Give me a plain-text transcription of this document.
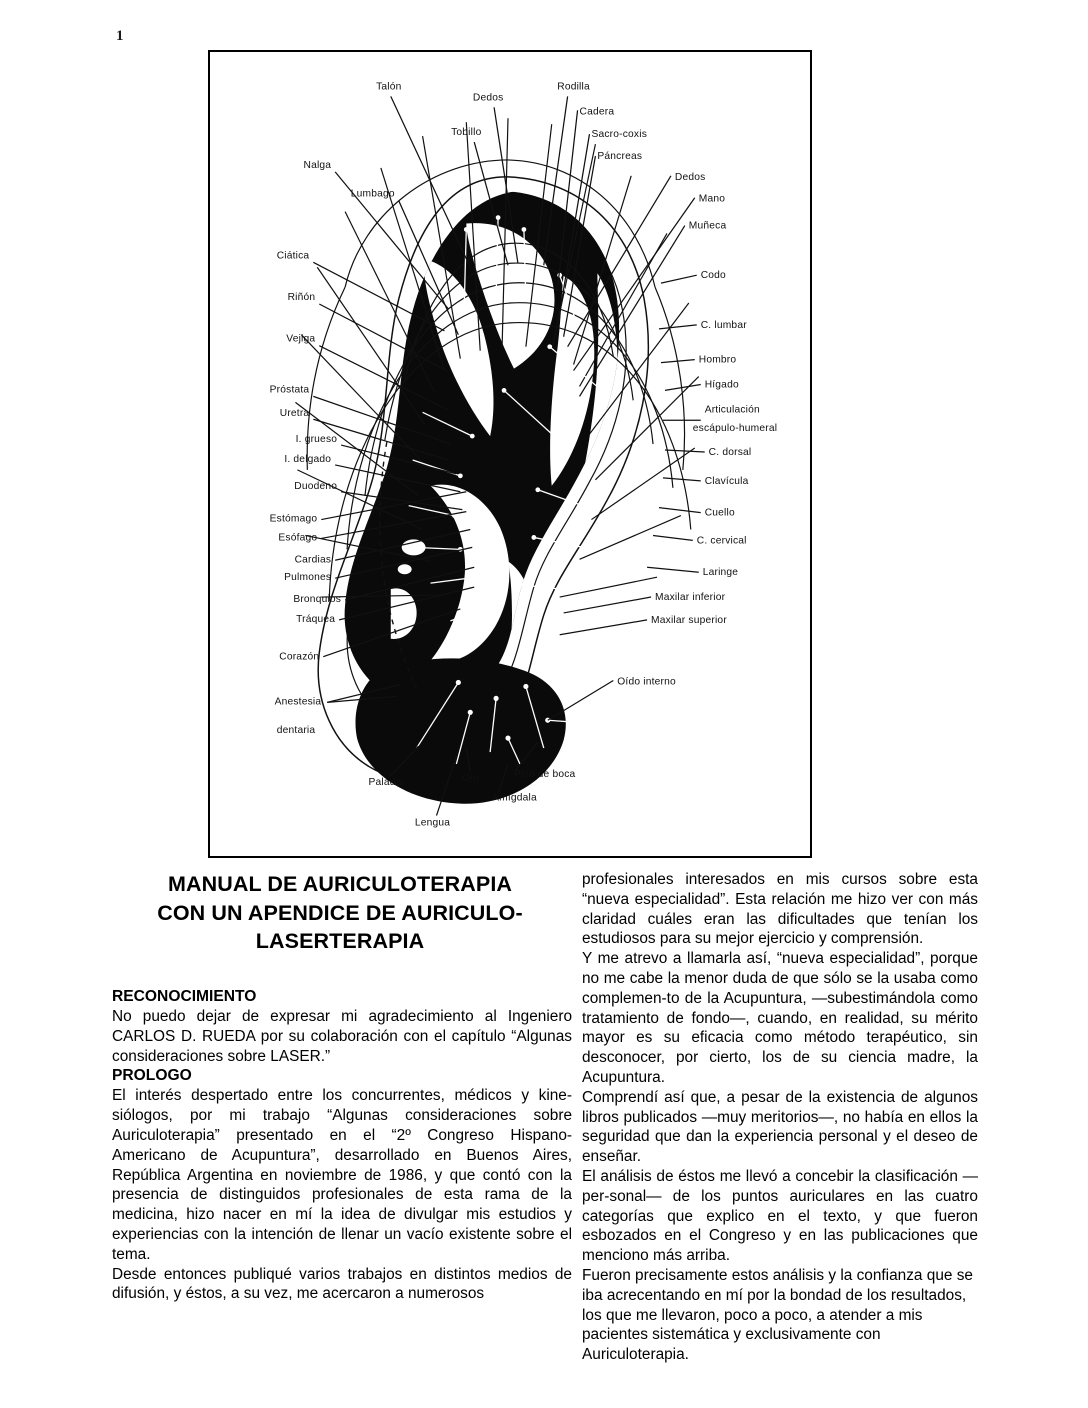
1
Talón
Tobillo
Nalga
Lumbago
Ciática
Riñón
Vejiga
Próstata
Uretra
I. grueso
I. delgado
Duodeno
Estómago
Esófago
Cardias
Pulmones
Bronquios
Tráquea
Corazón
Anestesia
dentaria
Dedos
Rodilla
Cadera
Sacro-coxis
Páncreas
Dedos
Mano
Muñeca
Codo
C. lumbar
Hombro
Hígado
Articulación
escápulo-humeral
C. dorsal
Clavícula
Cuello
C. cervical
Laringe
Maxilar inferior
Maxilar superior
Oído interno
Paladar	Ojo	Piso de boca
Amígdala
Lengua
MANUAL DE AURICULOTERAPIA
CON UN APENDICE DE AURICULO-
LASERTERAPIA

RECONOCIMIENTO

No puedo dejar de expresar mi agradecimiento al Ingeniero CARLOS D. RUEDA por su colaboración con el capítulo “Algunas consideraciones sobre LASER.”

PROLOGO

El interés despertado entre los concurrentes, médicos y kine-siólogos, por mi trabajo “Algunas consideraciones sobre Auriculoterapia” presentado en el “2º Congreso Hispano-Americano de Acupuntura”, desarrollado en Buenos Aires, República Argentina en noviembre de 1986, y que contó con la presencia de distinguidos profesionales de esta rama de la medicina, hizo nacer en mí la idea de divulgar mis estudios y experiencias con la intención de llenar un vacío existente sobre el tema.

Desde entonces publiqué varios trabajos en distintos medios de difusión, y éstos, a su vez, me acercaron a numerosos

profesionales interesados en mis cursos sobre esta “nueva especialidad”. Esta relación me hizo ver con más claridad cuáles eran las dificultades que tenían los estudiosos para su mejor ejercicio y comprensión.

Y me atrevo a llamarla así, “nueva especialidad”, porque no me cabe la menor duda de que sólo se la usaba como complemen-to de la Acupuntura, —subestimándola como tratamiento de fondo—, cuando, en realidad, su mérito mayor es su eficacia como método terapéutico, sin desconocer, por cierto, los de su ciencia madre, la Acupuntura.

Comprendí así que, a pesar de la existencia de algunos libros publicados —muy meritorios—, no había en ellos la seguridad que dan la experiencia personal y el deseo de enseñar.

El análisis de éstos me llevó a concebir la clasificación —per-sonal— de los puntos auriculares en las cuatro categorías que explico en el texto, y que fueron esbozados en el Congreso y en las publicaciones que menciono más arriba.

Fueron precisamente estos análisis y la confianza que se iba acrecentando en mí por la bondad de los resultados, los que me llevaron, poco a poco, a atender a mis pacientes sistemática y exclusivamente con Auriculoterapia.
